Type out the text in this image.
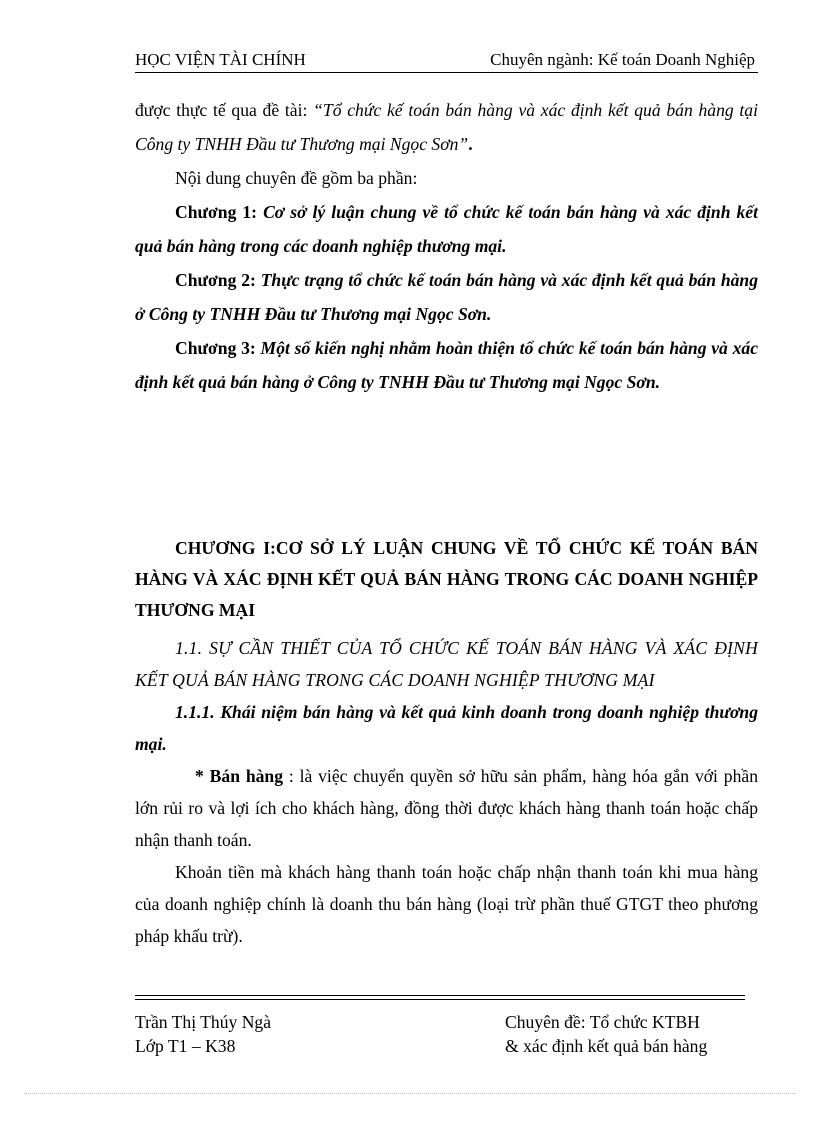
HỌC VIỆN TÀI CHÍNH	Chuyên ngành: Kế toán Doanh Nghiệp

được thực tế qua đề tài: “Tổ chức kế toán bán hàng và xác định kết quả bán hàng tại Công ty TNHH Đầu tư Thương mại Ngọc Sơn”.

Nội dung chuyên đề gồm ba phần:

Chương 1: Cơ sở lý luận chung về tổ chức kế toán bán hàng và xác định kết quả bán hàng trong các doanh nghiệp thương mại.

Chương 2: Thực trạng tổ chức kế toán bán hàng và xác định kết quả bán hàng ở Công ty TNHH Đầu tư Thương mại Ngọc Sơn.

Chương 3: Một số kiến nghị nhằm hoàn thiện tổ chức kế toán bán hàng và xác định kết quả bán hàng ở Công ty TNHH Đầu tư Thương mại Ngọc Sơn.

CHƯƠNG I:CƠ SỞ LÝ LUẬN CHUNG VỀ TỔ CHỨC KẾ TOÁN BÁN HÀNG VÀ XÁC ĐỊNH KẾT QUẢ BÁN HÀNG TRONG CÁC DOANH NGHIỆP THƯƠNG MẠI

1.1. SỰ CẦN THIẾT CỦA TỔ CHỨC KẾ TOÁN BÁN HÀNG VÀ XÁC ĐỊNH KẾT QUẢ BÁN HÀNG TRONG CÁC DOANH NGHIỆP THƯƠNG MẠI

1.1.1. Khái niệm bán hàng và kết quả kinh doanh trong doanh nghiệp thương mại.

* Bán hàng : là việc chuyển quyền sở hữu sản phẩm, hàng hóa gắn với phần lớn rủi ro và lợi ích cho khách hàng, đồng thời được khách hàng thanh toán hoặc chấp nhận thanh toán.

Khoản tiền mà khách hàng thanh toán hoặc chấp nhận thanh toán khi mua hàng của doanh nghiệp chính là doanh thu bán hàng (loại trừ phần thuế GTGT theo phương pháp khấu trừ).

Trần Thị Thúy Ngà
Lớp T1 – K38
Chuyên đề: Tổ chức KTBH
& xác định kết quả bán hàng
